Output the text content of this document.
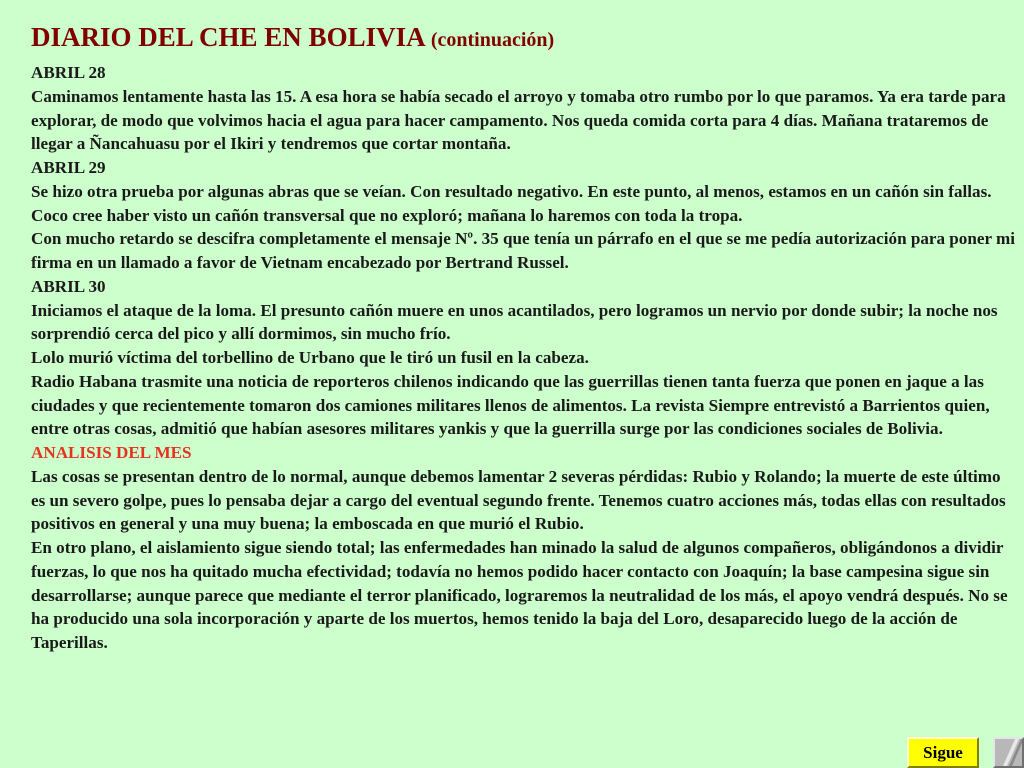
DIARIO DEL CHE EN BOLIVIA (continuación)

ABRIL 28

Caminamos lentamente hasta las 15. A esa hora se había secado el arroyo y tomaba otro rumbo por lo que paramos. Ya era tarde para explorar, de modo que volvimos hacia el agua para hacer campamento. Nos queda comida corta para 4 días. Mañana trataremos de llegar a Ñancahuasu por el Ikiri y tendremos que cortar montaña.

ABRIL 29

Se hizo otra prueba por algunas abras que se veían. Con resultado negativo. En este punto, al menos, estamos en un cañón sin fallas. Coco cree haber visto un cañón transversal que no exploró; mañana lo haremos con toda la tropa.

Con mucho retardo se descifra completamente el mensaje Nº. 35 que tenía un párrafo en el que se me pedía autorización para poner mi firma en un llamado a favor de Vietnam encabezado por Bertrand Russel.

ABRIL 30

Iniciamos el ataque de la loma. El presunto cañón muere en unos acantilados, pero logramos un nervio por donde subir; la noche nos sorprendió cerca del pico y allí dormimos, sin mucho frío.

Lolo murió víctima del torbellino de Urbano que le tiró un fusil en la cabeza.

Radio Habana trasmite una noticia de reporteros chilenos indicando que las guerrillas tienen tanta fuerza que ponen en jaque a las ciudades y que recientemente tomaron dos camiones militares llenos de alimentos. La revista Siempre entrevistó a Barrientos quien, entre otras cosas, admitió que habían asesores militares yankis y que la guerrilla surge por las condiciones sociales de Bolivia.

ANALISIS DEL MES

Las cosas se presentan dentro de lo normal, aunque debemos lamentar 2 severas pérdidas: Rubio y Rolando; la muerte de este último es un severo golpe, pues lo pensaba dejar a cargo del eventual segundo frente. Tenemos cuatro acciones más, todas ellas con resultados positivos en general y una muy buena; la emboscada en que murió el Rubio.

En otro plano, el aislamiento sigue siendo total; las enfermedades han minado la salud de algunos compañeros, obligándonos a dividir fuerzas, lo que nos ha quitado mucha efectividad; todavía no hemos podido hacer contacto con Joaquín; la base campesina sigue sin desarrollarse; aunque parece que mediante el terror planificado, lograremos la neutralidad de los más, el apoyo vendrá después. No se ha producido una sola incorporación y aparte de los muertos, hemos tenido la baja del Loro, desaparecido luego de la acción de Taperillas.

Sigue
